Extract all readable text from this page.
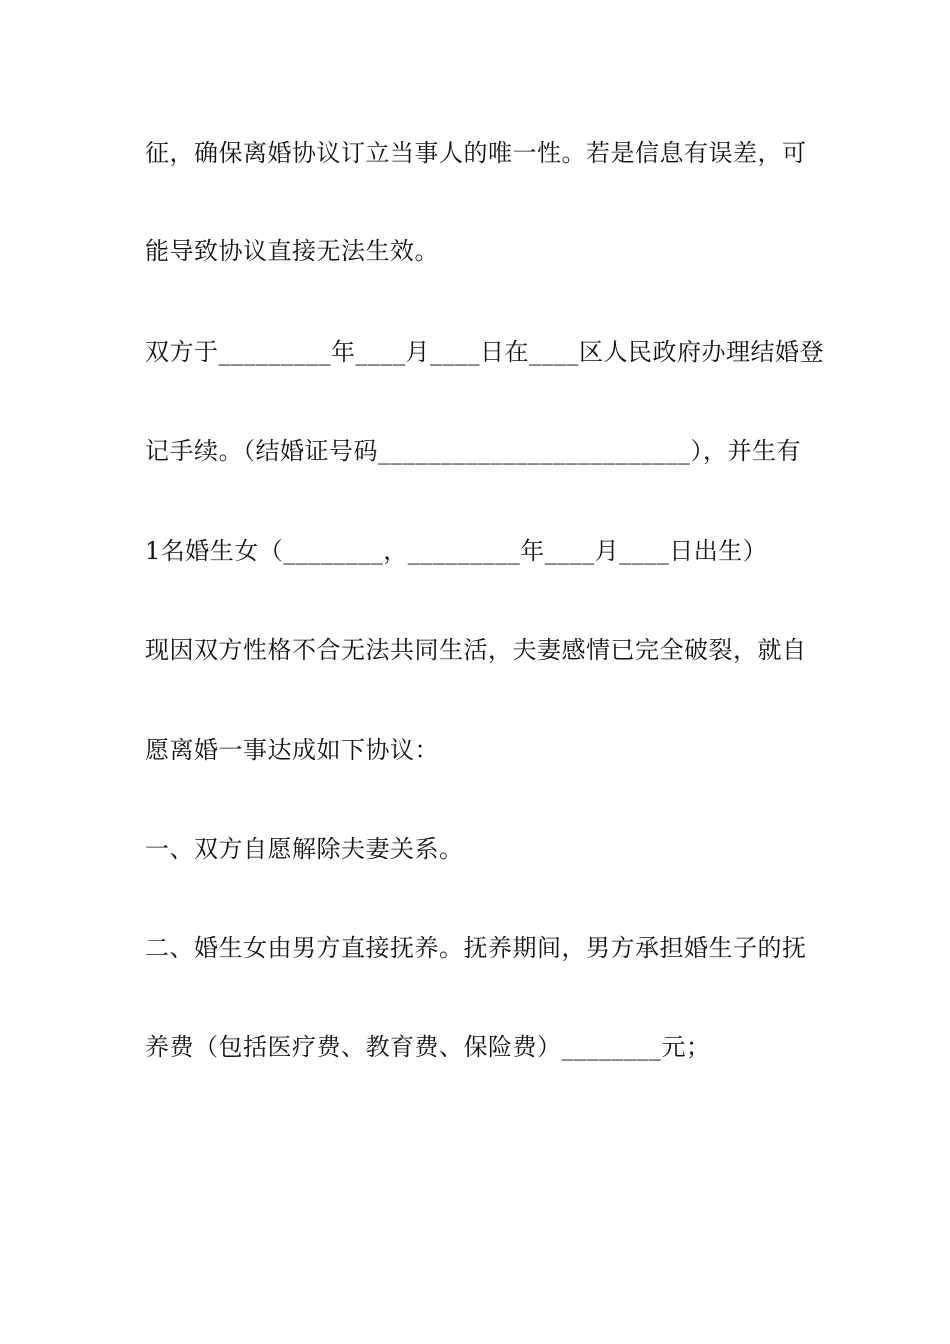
征，确保离婚协议订立当事人的唯一性。若是信息有误差，可
能导致协议直接无法生效。
双方于_________年____月____日在____区人民政府办理结婚登
记手续。（结婚证号码_________________________），并生有
1名婚生女（________，_________年____月____日出生）
现因双方性格不合无法共同生活，夫妻感情已完全破裂，就自
愿离婚一事达成如下协议：
一、双方自愿解除夫妻关系。
二、婚生女由男方直接抚养。抚养期间，男方承担婚生子的抚
养费（包括医疗费、教育费、保险费）________元；
